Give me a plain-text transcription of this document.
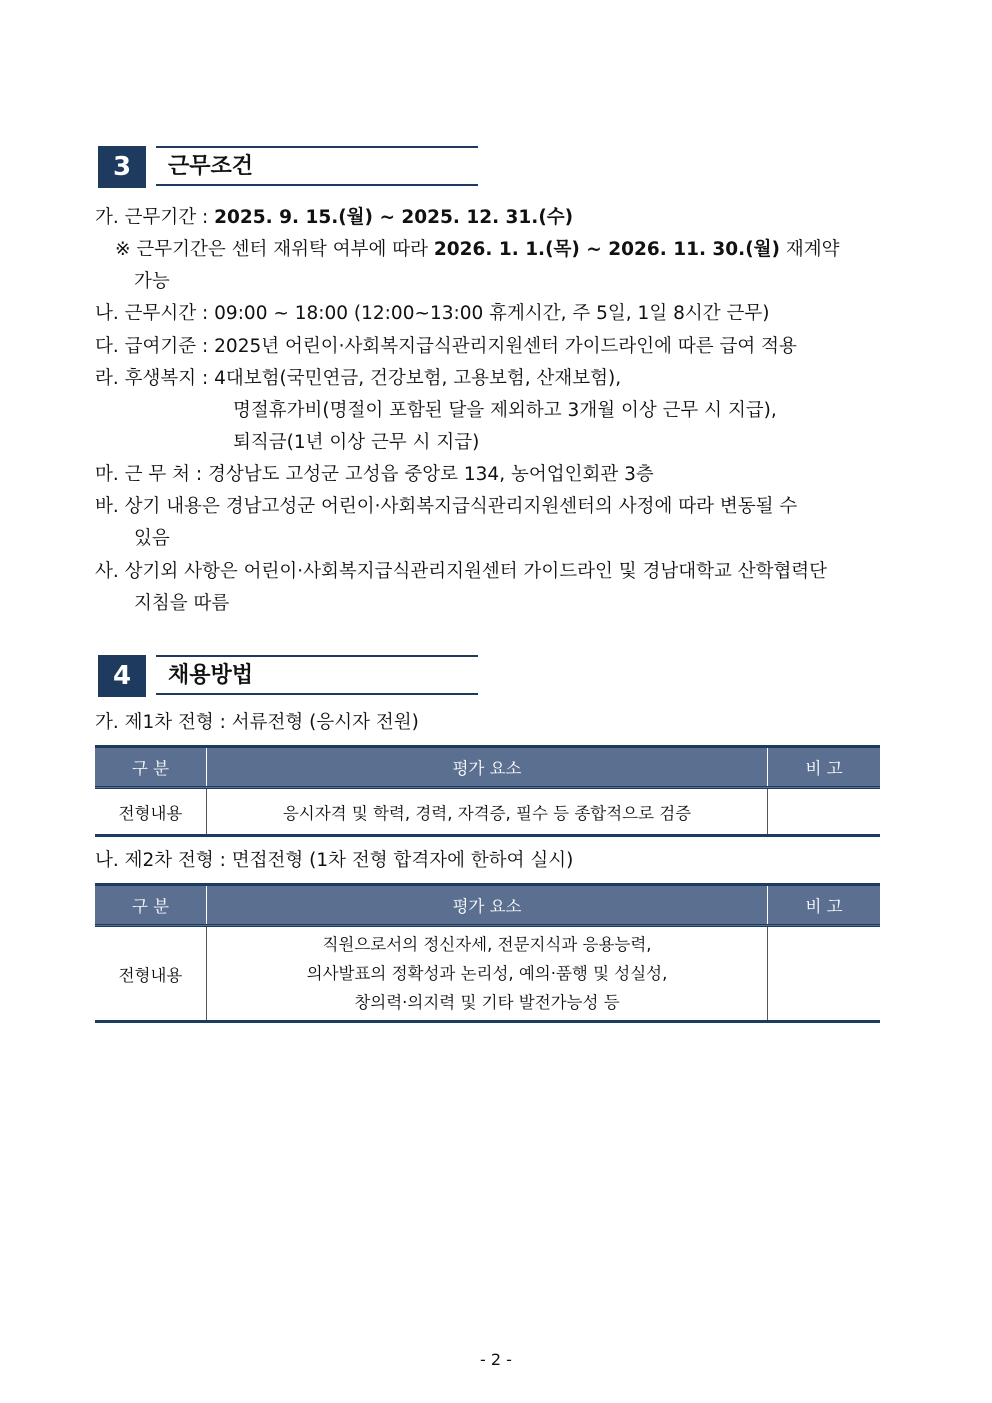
3	근무조건
가. 근무기간 : 2025. 9. 15.(월) ~ 2025. 12. 31.(수)
※ 근무기간은 센터 재위탁 여부에 따라 2026. 1. 1.(목) ~ 2026. 11. 30.(월) 재계약
가능
나. 근무시간 : 09:00 ~ 18:00 (12:00~13:00 휴게시간, 주 5일, 1일 8시간 근무)
다. 급여기준 : 2025년 어린이·사회복지급식관리지원센터 가이드라인에 따른 급여 적용
라. 후생복지 : 4대보험(국민연금, 건강보험, 고용보험, 산재보험),
명절휴가비(명절이 포함된 달을 제외하고 3개월 이상 근무 시 지급),
퇴직금(1년 이상 근무 시 지급)
마. 근 무 처 : 경상남도 고성군 고성읍 중앙로 134, 농어업인회관 3층
바. 상기 내용은 경남고성군 어린이·사회복지급식관리지원센터의 사정에 따라 변동될 수
있음
사. 상기외 사항은 어린이·사회복지급식관리지원센터 가이드라인 및 경남대학교 산학협력단
지침을 따름
4	채용방법
가. 제1차 전형 : 서류전형 (응시자 전원)
구 분	평가 요소	비 고
전형내용	응시자격 및 학력, 경력, 자격증, 필수 등 종합적으로 검증	
나. 제2차 전형 : 면접전형 (1차 전형 합격자에 한하여 실시)
구 분	평가 요소	비 고
전형내용	직원으로서의 정신자세, 전문지식과 응용능력,
의사발표의 정확성과 논리성, 예의·품행 및 성실성,
창의력·의지력 및 기타 발전가능성 등	

- 2 -
